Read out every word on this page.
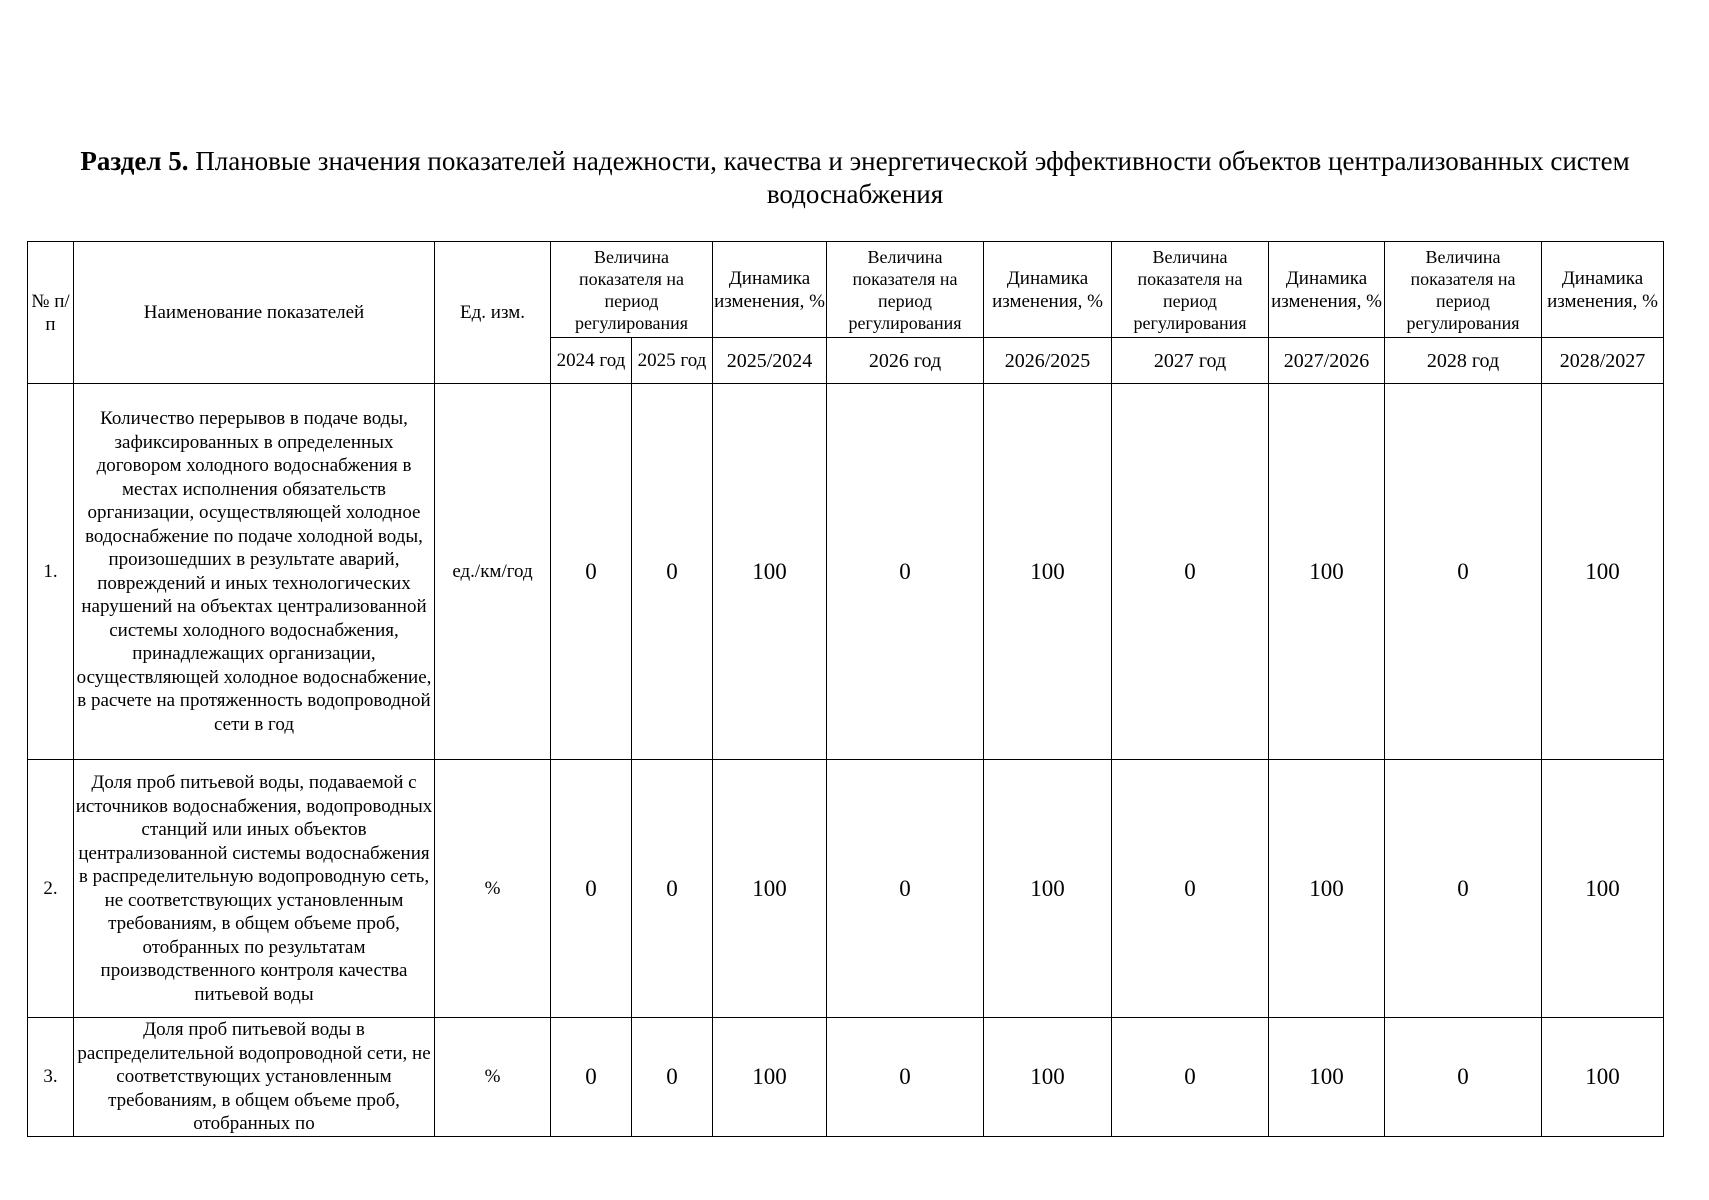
Раздел 5. Плановые значения показателей надежности, качества и энергетической эффективности объектов централизованных систем водоснабжения
№ п/п	Наименование показателей	Ед. изм.	Величина показателя на период регулирования		Динамика изменения, %	Величина показателя на период регулирования	Динамика изменения, %	Величина показателя на период регулирования	Динамика изменения, %	Величина показателя на период регулирования	Динамика изменения, %
			2024 год	2025 год	2025/2024	2026 год	2026/2025	2027 год	2027/2026	2028 год	2028/2027
1.	Количество перерывов в подаче воды, зафиксированных в определенных договором холодного водоснабжения в местах исполнения обязательств организации, осуществляющей холодное водоснабжение по подаче холодной воды, произошедших в результате аварий, повреждений и иных технологических нарушений на объектах централизованной системы холодного водоснабжения, принадлежащих организации, осуществляющей холодное водоснабжение, в расчете на протяженность водопроводной сети в год	ед./км/год	0	0	100	0	100	0	100	0	100
2.	Доля проб питьевой воды, подаваемой с источников водоснабжения, водопроводных станций или иных объектов централизованной системы водоснабжения в распределительную водопроводную сеть, не соответствующих установленным требованиям, в общем объеме проб, отобранных по результатам производственного контроля качества питьевой воды	%	0	0	100	0	100	0	100	0	100
3.	Доля проб питьевой воды в распределительной водопроводной сети, не соответствующих установленным требованиям, в общем объеме проб, отобранных по	%	0	0	100	0	100	0	100	0	100
